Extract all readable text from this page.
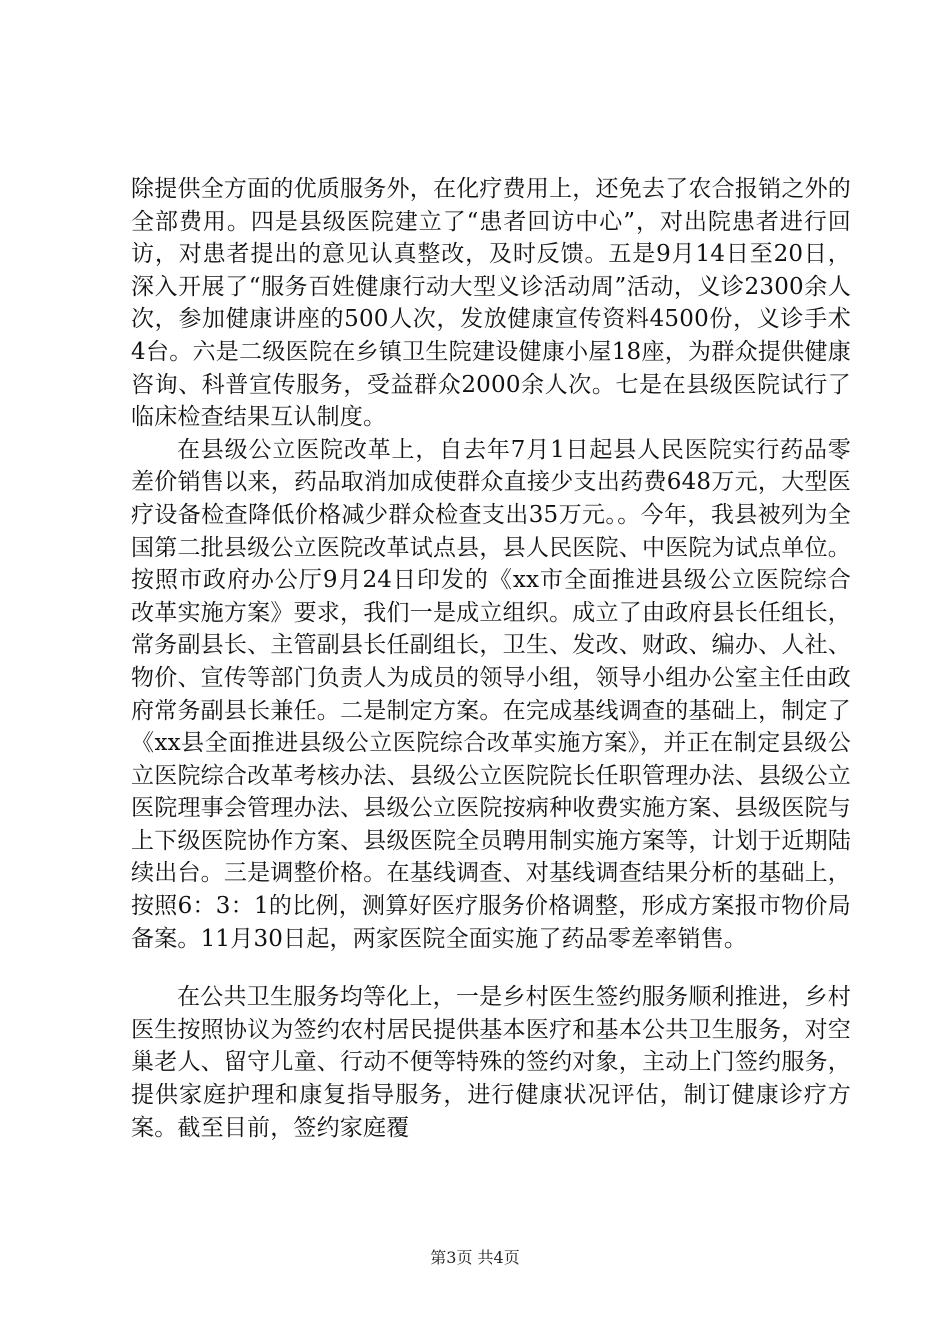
除提供全方面的优质服务外，在化疗费用上，还免去了农合报销之外的全部费用。四是县级医院建立了“患者回访中心”，对出院患者进行回访，对患者提出的意见认真整改，及时反馈。五是9月14日至20日，深入开展了“服务百姓健康行动大型义诊活动周”活动，义诊2300余人次，参加健康讲座的500人次，发放健康宣传资料4500份，义诊手术4台。六是二级医院在乡镇卫生院建设健康小屋18座，为群众提供健康咨询、科普宣传服务，受益群众2000余人次。七是在县级医院试行了临床检查结果互认制度。

在县级公立医院改革上，自去年7月1日起县人民医院实行药品零差价销售以来，药品取消加成使群众直接少支出药费648万元，大型医疗设备检查降低价格减少群众检查支出35万元。。今年，我县被列为全国第二批县级公立医院改革试点县，县人民医院、中医院为试点单位。按照市政府办公厅9月24日印发的《xx市全面推进县级公立医院综合改革实施方案》要求，我们一是成立组织。成立了由政府县长任组长，常务副县长、主管副县长任副组长，卫生、发改、财政、编办、人社、物价、宣传等部门负责人为成员的领导小组，领导小组办公室主任由政府常务副县长兼任。二是制定方案。在完成基线调查的基础上，制定了《xx县全面推进县级公立医院综合改革实施方案》，并正在制定县级公立医院综合改革考核办法、县级公立医院院长任职管理办法、县级公立医院理事会管理办法、县级公立医院按病种收费实施方案、县级医院与上下级医院协作方案、县级医院全员聘用制实施方案等，计划于近期陆续出台。三是调整价格。在基线调查、对基线调查结果分析的基础上，按照6：3：1的比例，测算好医疗服务价格调整，形成方案报市物价局备案。11月30日起，两家医院全面实施了药品零差率销售。

在公共卫生服务均等化上，一是乡村医生签约服务顺利推进，乡村医生按照协议为签约农村居民提供基本医疗和基本公共卫生服务，对空巢老人、留守儿童、行动不便等特殊的签约对象，主动上门签约服务，提供家庭护理和康复指导服务，进行健康状况评估，制订健康诊疗方案。截至目前，签约家庭覆

第3页 共4页
